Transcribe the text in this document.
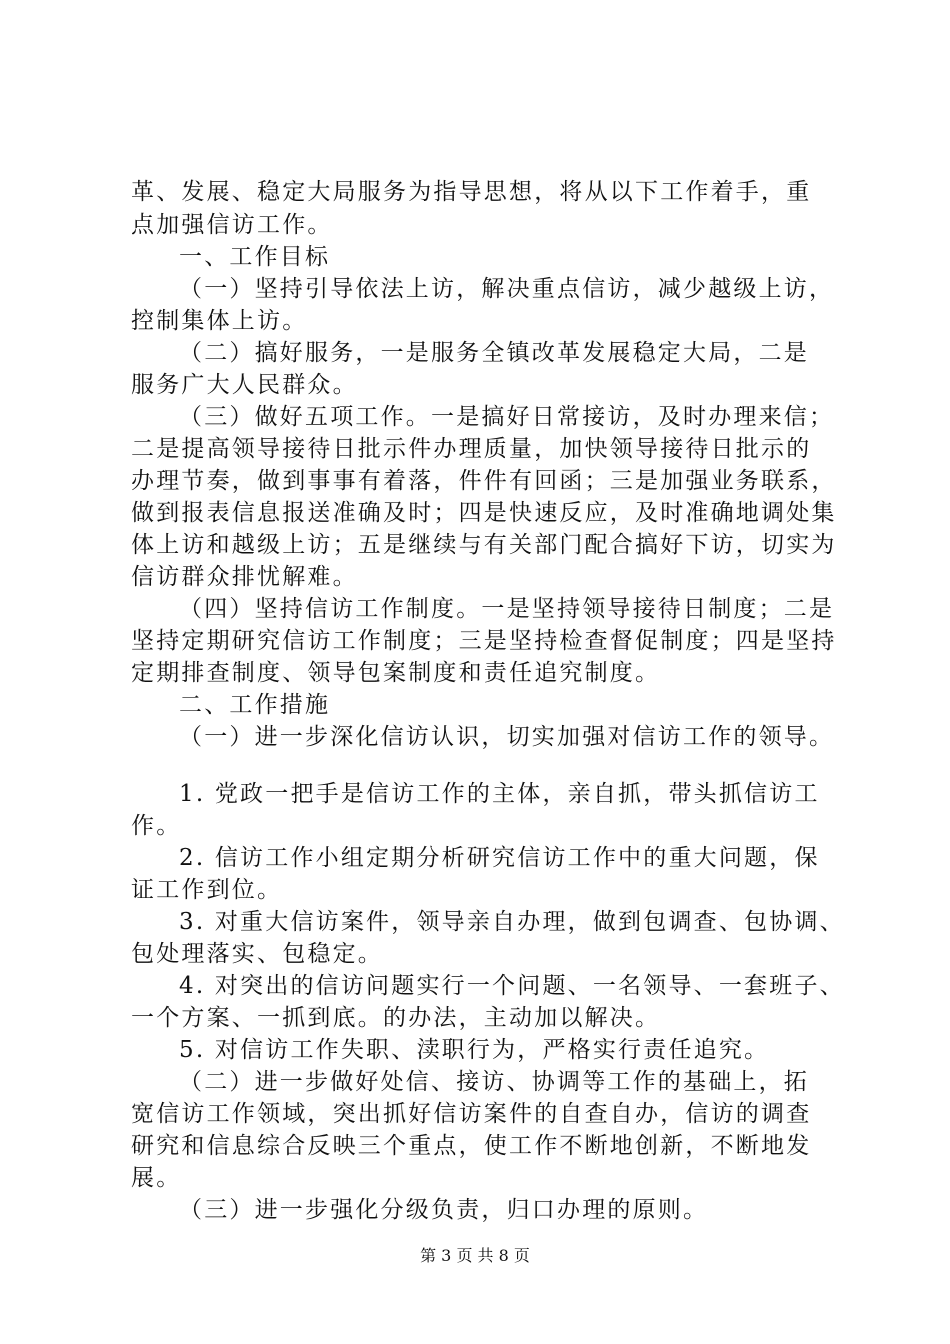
革、发展、稳定大局服务为指导思想，将从以下工作着手，重
点加强信访工作。
一、工作目标
（一）坚持引导依法上访，解决重点信访，减少越级上访，
控制集体上访。
（二）搞好服务，一是服务全镇改革发展稳定大局，二是
服务广大人民群众。
（三）做好五项工作。一是搞好日常接访，及时办理来信；
二是提高领导接待日批示件办理质量，加快领导接待日批示的
办理节奏，做到事事有着落，件件有回函；三是加强业务联系，
做到报表信息报送准确及时；四是快速反应，及时准确地调处集
体上访和越级上访；五是继续与有关部门配合搞好下访，切实为
信访群众排忧解难。
（四）坚持信访工作制度。一是坚持领导接待日制度；二是
坚持定期研究信访工作制度；三是坚持检查督促制度；四是坚持
定期排查制度、领导包案制度和责任追究制度。
二、工作措施
（一）进一步深化信访认识，切实加强对信访工作的领导。
1. 党政一把手是信访工作的主体，亲自抓，带头抓信访工
作。
2. 信访工作小组定期分析研究信访工作中的重大问题，保
证工作到位。
3. 对重大信访案件，领导亲自办理，做到包调查、包协调、
包处理落实、包稳定。
4. 对突出的信访问题实行一个问题、一名领导、一套班子、
一个方案、一抓到底。的办法，主动加以解决。
5. 对信访工作失职、渎职行为，严格实行责任追究。
（二）进一步做好处信、接访、协调等工作的基础上，拓
宽信访工作领域，突出抓好信访案件的自查自办，信访的调查
研究和信息综合反映三个重点，使工作不断地创新，不断地发
展。
（三）进一步强化分级负责，归口办理的原则。
第 3 页 共 8 页
